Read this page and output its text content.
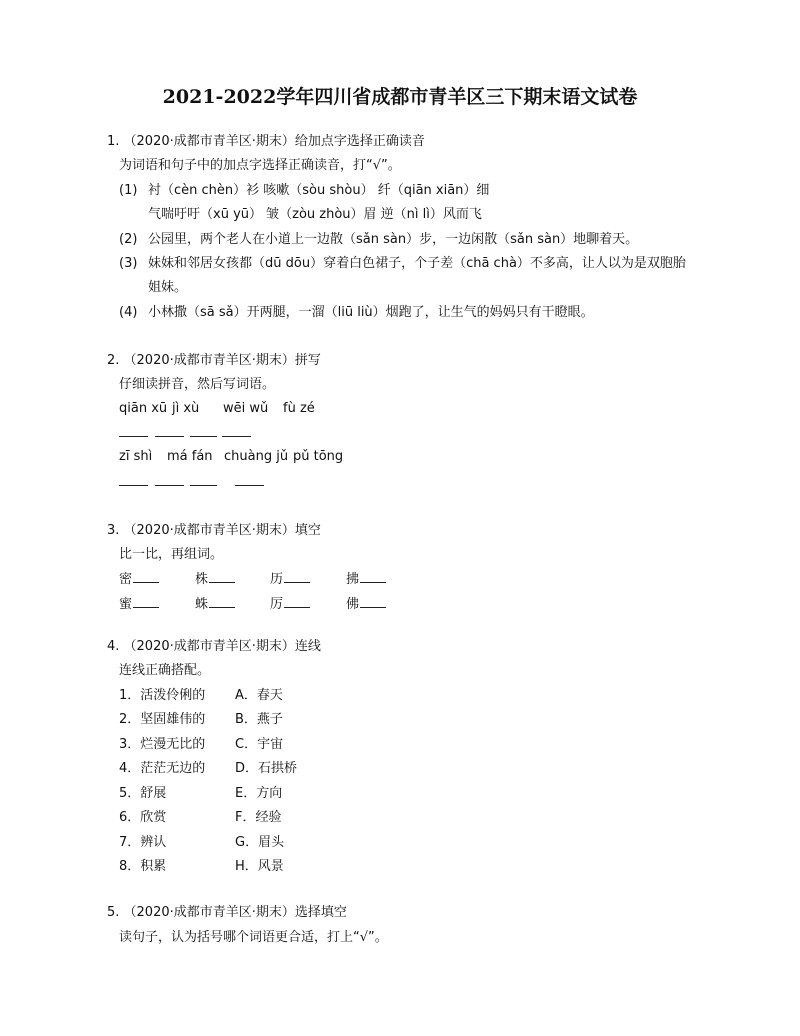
2021-2022学年四川省成都市青羊区三下期末语文试卷
1. （2020·成都市青羊区·期末）给加点字选择正确读音
为词语和句子中的加点字选择正确读音，打“√”。
(1) 衬（cèn chèn）衫 咳嗽（sòu shòu） 纤（qiān xiān）细
气喘吁吁（xū yū） 皱（zòu zhòu）眉 逆（nì lì）风而飞
(2) 公园里，两个老人在小道上一边散（sǎn sàn）步，一边闲散（sǎn sàn）地聊着天。
(3) 妹妹和邻居女孩都（dū dōu）穿着白色裙子，个子差（chā chà）不多高，让人以为是双胞胎
姐妹。
(4) 小林撒（sā sǎ）开两腿，一溜（liū liù）烟跑了，让生气的妈妈只有干瞪眼。
2. （2020·成都市青羊区·期末）拼写
仔细读拼音，然后写词语。
qiān xū jì xù wēi wǔ fù zé
zī shì má fán chuàng jǔ pǔ tōng
3. （2020·成都市青羊区·期末）填空
比一比，再组词。
密	株	历	拂
蜜	蛛	厉	佛
4. （2020·成都市青羊区·期末）连线
连线正确搭配。
1．活泼伶俐的 A．春天
2．坚固雄伟的 B．燕子
3．烂漫无比的 C．宇宙
4．茫茫无边的 D．石拱桥
5．舒展	E．方向
6．欣赏	F．经验
7．辨认	G．眉头
8．积累	H．风景
5. （2020·成都市青羊区·期末）选择填空
读句子，认为括号哪个词语更合适，打上“√”。
